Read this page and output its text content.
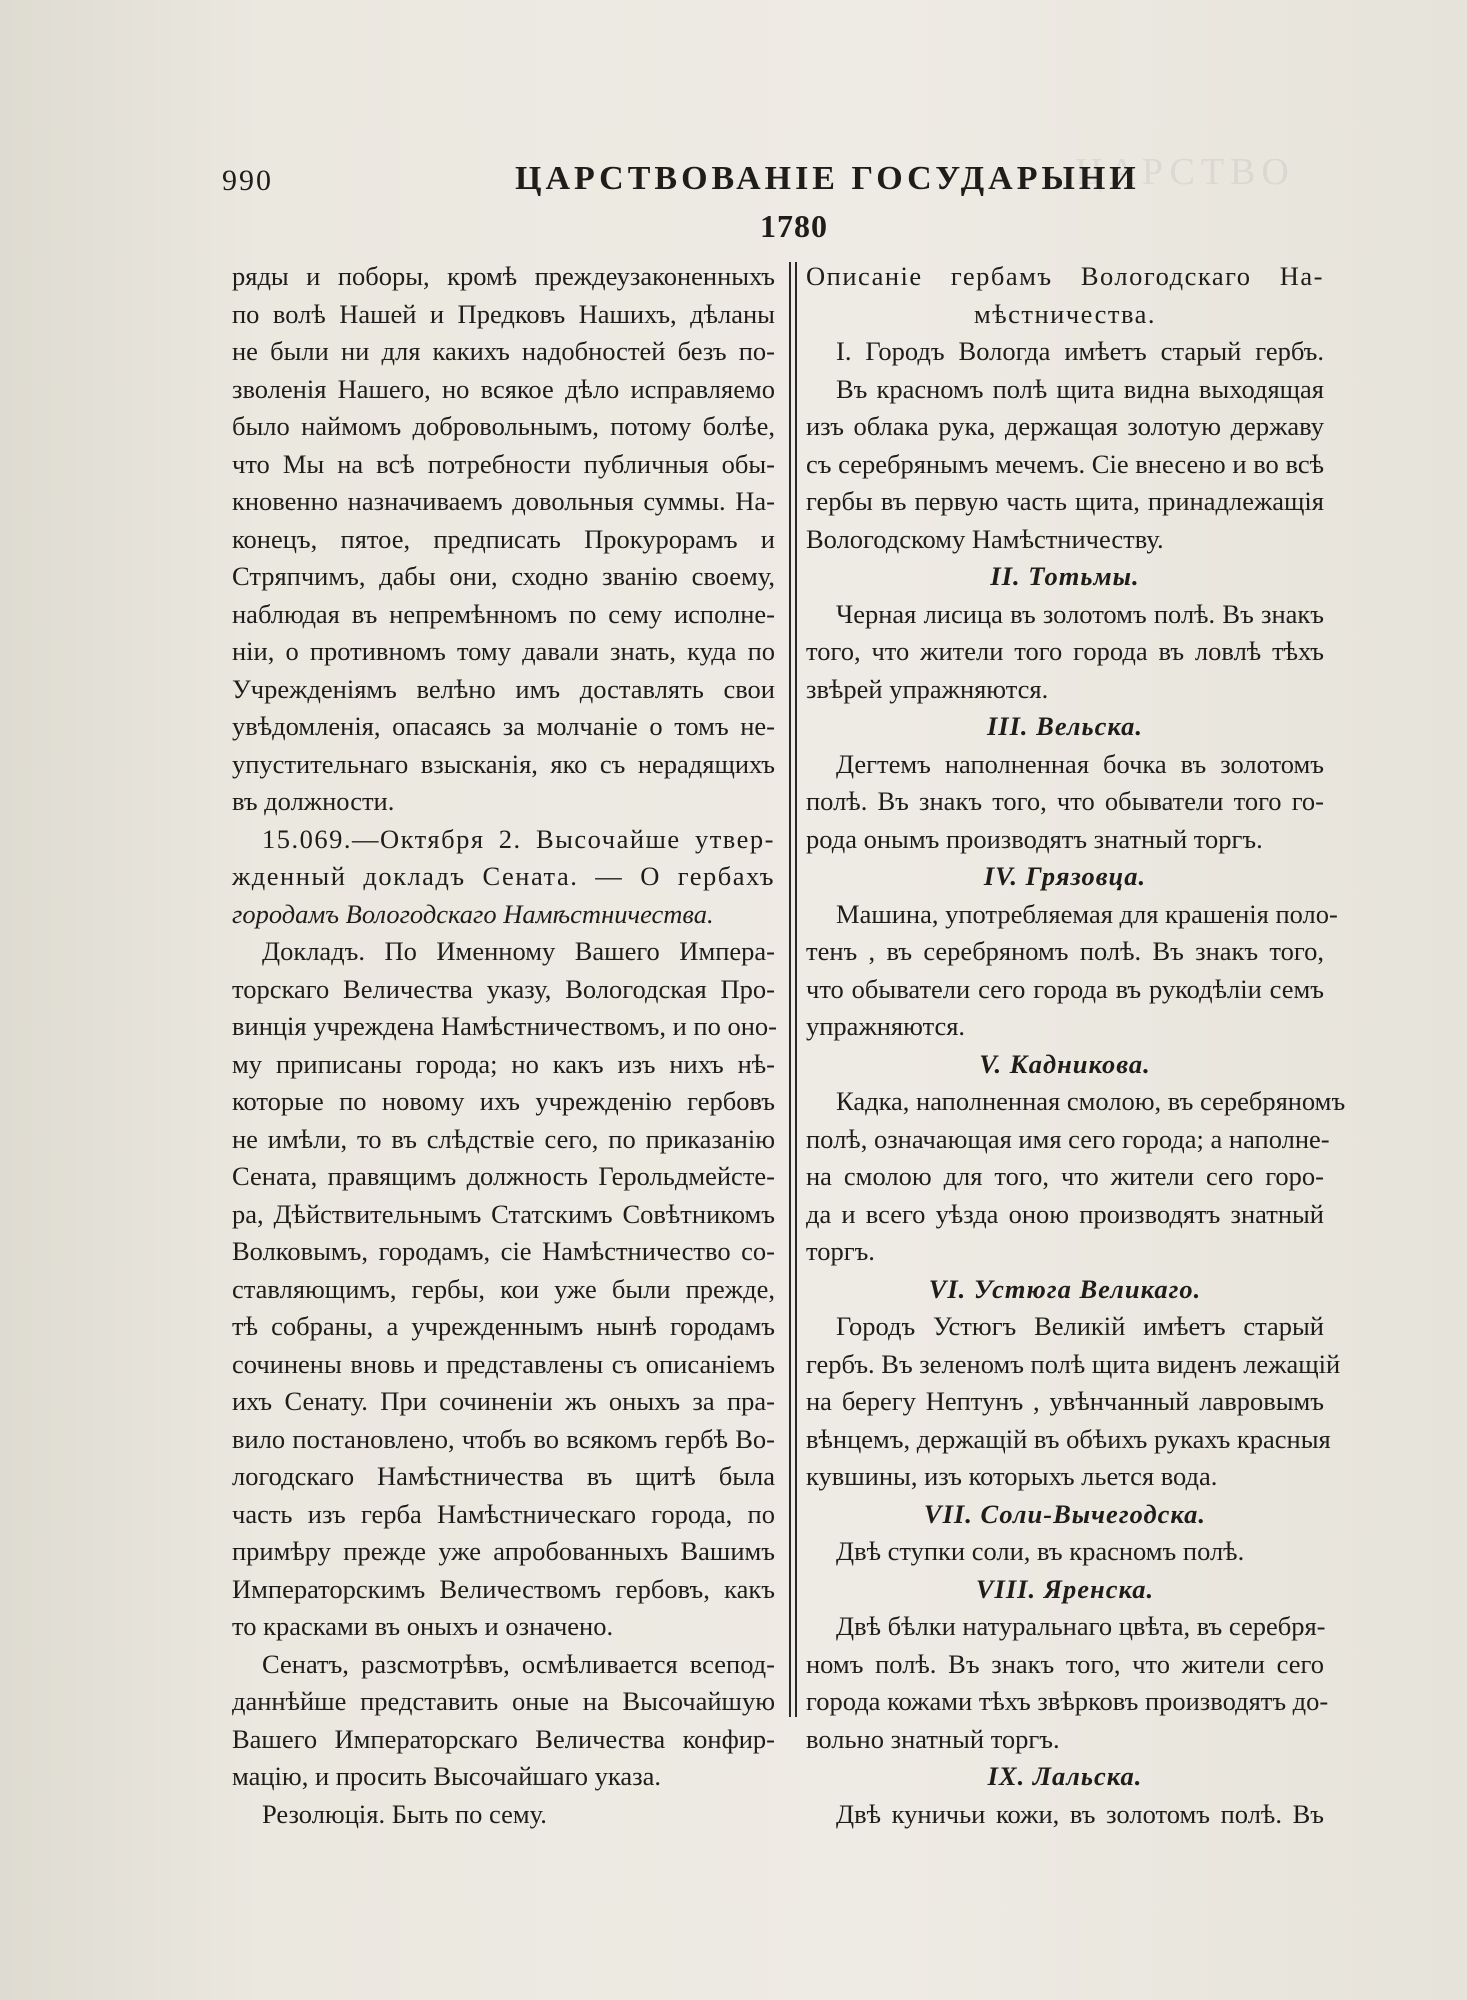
ЦАРСТВО
990	ЦАРСТВОВАНIЕ ГОСУДАРЫНИ
1780
ряды и поборы, кромѣ преждеузаконенныхъ
по волѣ Нашей и Предковъ Нашихъ, дѣланы
не были ни для какихъ надобностей безъ по-
зволенія Нашего, но всякое дѣло исправляемо
было наймомъ добровольнымъ, потому болѣе,
что Мы на всѣ потребности публичныя обы-
кновенно назначиваемъ довольныя суммы. На-
конецъ, пятое, предписать Прокурорамъ и
Стряпчимъ, дабы они, сходно званію своему,
наблюдая въ непремѣнномъ по сему исполне-
ніи, о противномъ тому давали знать, куда по
Учрежденіямъ велѣно имъ доставлять свои
увѣдомленія, опасаясь за молчаніе о томъ не-
упустительнаго взысканія, яко съ нерадящихъ
въ должности.
15.069.—Октября 2. Высочайше утвер-
жденный докладъ Сената. — О гербахъ
городамъ Вологодскаго Намѣстничества.
Докладъ. По Именному Вашего Импера-
торскаго Величества указу, Вологодская Про-
винція учреждена Намѣстничествомъ, и по оно-
му приписаны города; но какъ изъ нихъ нѣ-
которые по новому ихъ учрежденію гербовъ
не имѣли, то въ слѣдствіе сего, по приказанію
Сената, правящимъ должность Герольдмейсте-
ра, Дѣйствительнымъ Статскимъ Совѣтникомъ
Волковымъ, городамъ, сіе Намѣстничество со-
ставляющимъ, гербы, кои уже были прежде,
тѣ собраны, а учрежденнымъ нынѣ городамъ
сочинены вновь и представлены съ описаніемъ
ихъ Сенату. При сочиненіи жъ оныхъ за пра-
вило постановлено, чтобъ во всякомъ гербѣ Во-
логодскаго Намѣстничества въ щитѣ была
часть изъ герба Намѣстническаго города, по
примѣру прежде уже апробованныхъ Вашимъ
Императорскимъ Величествомъ гербовъ, какъ
то красками въ оныхъ и означено.
Сенатъ, разсмотрѣвъ, осмѣливается всепод-
даннѣйше представить оные на Высочайшую
Вашего Императорскаго Величества конфир-
мацію, и просить Высочайшаго указа.
Резолюція. Быть по сему.
Описаніе гербамъ Вологодскаго На-
мѣстничества.
I. Городъ Вологда имѣетъ старый гербъ.
Въ красномъ полѣ щита видна выходящая
изъ облака рука, держащая золотую державу
съ серебрянымъ мечемъ. Сіе внесено и во всѣ
гербы въ первую часть щита, принадлежащія
Вологодскому Намѣстничеству.
II. Тотьмы.
Черная лисица въ золотомъ полѣ. Въ знакъ
того, что жители того города въ ловлѣ тѣхъ
звѣрей упражняются.
III. Вельска.
Дегтемъ наполненная бочка въ золотомъ
полѣ. Въ знакъ того, что обыватели того го-
рода онымъ производятъ знатный торгъ.
IV. Грязовца.
Машина, употребляемая для крашенія поло-
тенъ , въ серебряномъ полѣ. Въ знакъ того,
что обыватели сего города въ рукодѣліи семъ
упражняются.
V. Кадникова.
Кадка, наполненная смолою, въ серебряномъ
полѣ, означающая имя сего города; а наполне-
на смолою для того, что жители сего горо-
да и всего уѣзда оною производятъ знатный
торгъ.
VI. Устюга Великаго.
Городъ Устюгъ Великій имѣетъ старый
гербъ. Въ зеленомъ полѣ щита виденъ лежащій
на берегу Нептунъ , увѣнчанный лавровымъ
вѣнцемъ, держащій въ обѣихъ рукахъ красныя
кувшины, изъ которыхъ льется вода.
VII. Соли-Вычегодска.
Двѣ ступки соли, въ красномъ полѣ.
VIII. Яренска.
Двѣ бѣлки натуральнаго цвѣта, въ серебря-
номъ полѣ. Въ знакъ того, что жители сего
города кожами тѣхъ звѣрковъ производятъ до-
вольно знатный торгъ.
IX. Лальска.
Двѣ куничьи кожи, въ золотомъ полѣ. Въ
